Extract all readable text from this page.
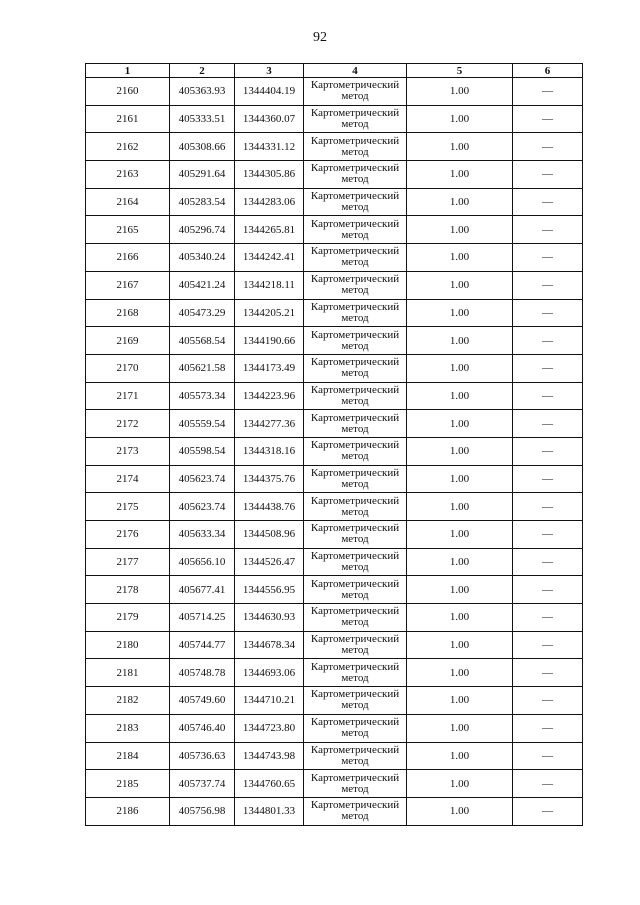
92
1	2	3	4	5	6
2160	405363.93	1344404.19	Картометрический
метод	1.00	—
2161	405333.51	1344360.07	Картометрический
метод	1.00	—
2162	405308.66	1344331.12	Картометрический
метод	1.00	—
2163	405291.64	1344305.86	Картометрический
метод	1.00	—
2164	405283.54	1344283.06	Картометрический
метод	1.00	—
2165	405296.74	1344265.81	Картометрический
метод	1.00	—
2166	405340.24	1344242.41	Картометрический
метод	1.00	—
2167	405421.24	1344218.11	Картометрический
метод	1.00	—
2168	405473.29	1344205.21	Картометрический
метод	1.00	—
2169	405568.54	1344190.66	Картометрический
метод	1.00	—
2170	405621.58	1344173.49	Картометрический
метод	1.00	—
2171	405573.34	1344223.96	Картометрический
метод	1.00	—
2172	405559.54	1344277.36	Картометрический
метод	1.00	—
2173	405598.54	1344318.16	Картометрический
метод	1.00	—
2174	405623.74	1344375.76	Картометрический
метод	1.00	—
2175	405623.74	1344438.76	Картометрический
метод	1.00	—
2176	405633.34	1344508.96	Картометрический
метод	1.00	—
2177	405656.10	1344526.47	Картометрический
метод	1.00	—
2178	405677.41	1344556.95	Картометрический
метод	1.00	—
2179	405714.25	1344630.93	Картометрический
метод	1.00	—
2180	405744.77	1344678.34	Картометрический
метод	1.00	—
2181	405748.78	1344693.06	Картометрический
метод	1.00	—
2182	405749.60	1344710.21	Картометрический
метод	1.00	—
2183	405746.40	1344723.80	Картометрический
метод	1.00	—
2184	405736.63	1344743.98	Картометрический
метод	1.00	—
2185	405737.74	1344760.65	Картометрический
метод	1.00	—
2186	405756.98	1344801.33	Картометрический
метод	1.00	—
